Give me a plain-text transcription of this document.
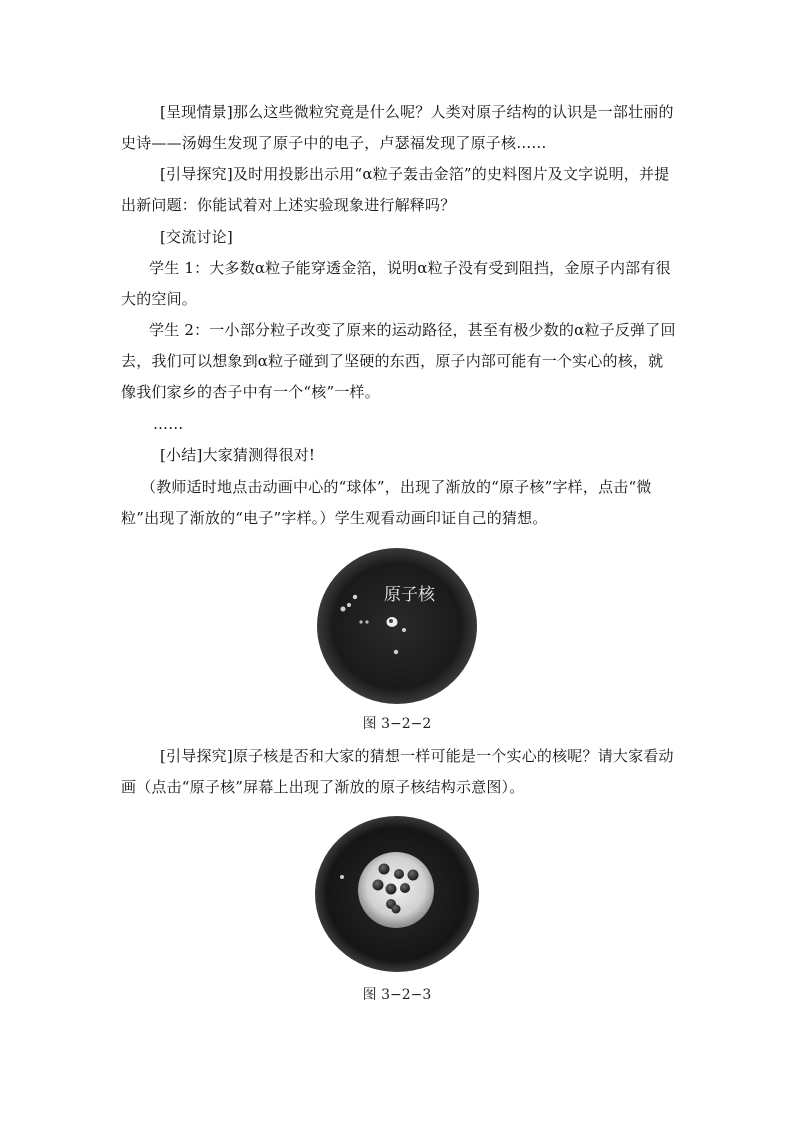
[呈现情景]那么这些微粒究竟是什么呢？人类对原子结构的认识是一部壮丽的史诗——汤姆生发现了原子中的电子，卢瑟福发现了原子核……

[引导探究]及时用投影出示用“α粒子轰击金箔”的史料图片及文字说明，并提出新问题：你能试着对上述实验现象进行解释吗？

[交流讨论]

学生 1：大多数α粒子能穿透金箔，说明α粒子没有受到阻挡，金原子内部有很大的空间。

学生 2：一小部分粒子改变了原来的运动路径，甚至有极少数的α粒子反弹了回去，我们可以想象到α粒子碰到了坚硬的东西，原子内部可能有一个实心的核，就像我们家乡的杏子中有一个“核”一样。

……

[小结]大家猜测得很对!

（教师适时地点击动画中心的“球体”，出现了渐放的“原子核”字样，点击“微粒”出现了渐放的“电子”字样。）学生观看动画印证自己的猜想。

原子核
图 3−2−2

[引导探究]原子核是否和大家的猜想一样可能是一个实心的核呢？请大家看动画（点击“原子核”屏幕上出现了渐放的原子核结构示意图）。

图 3−2−3
